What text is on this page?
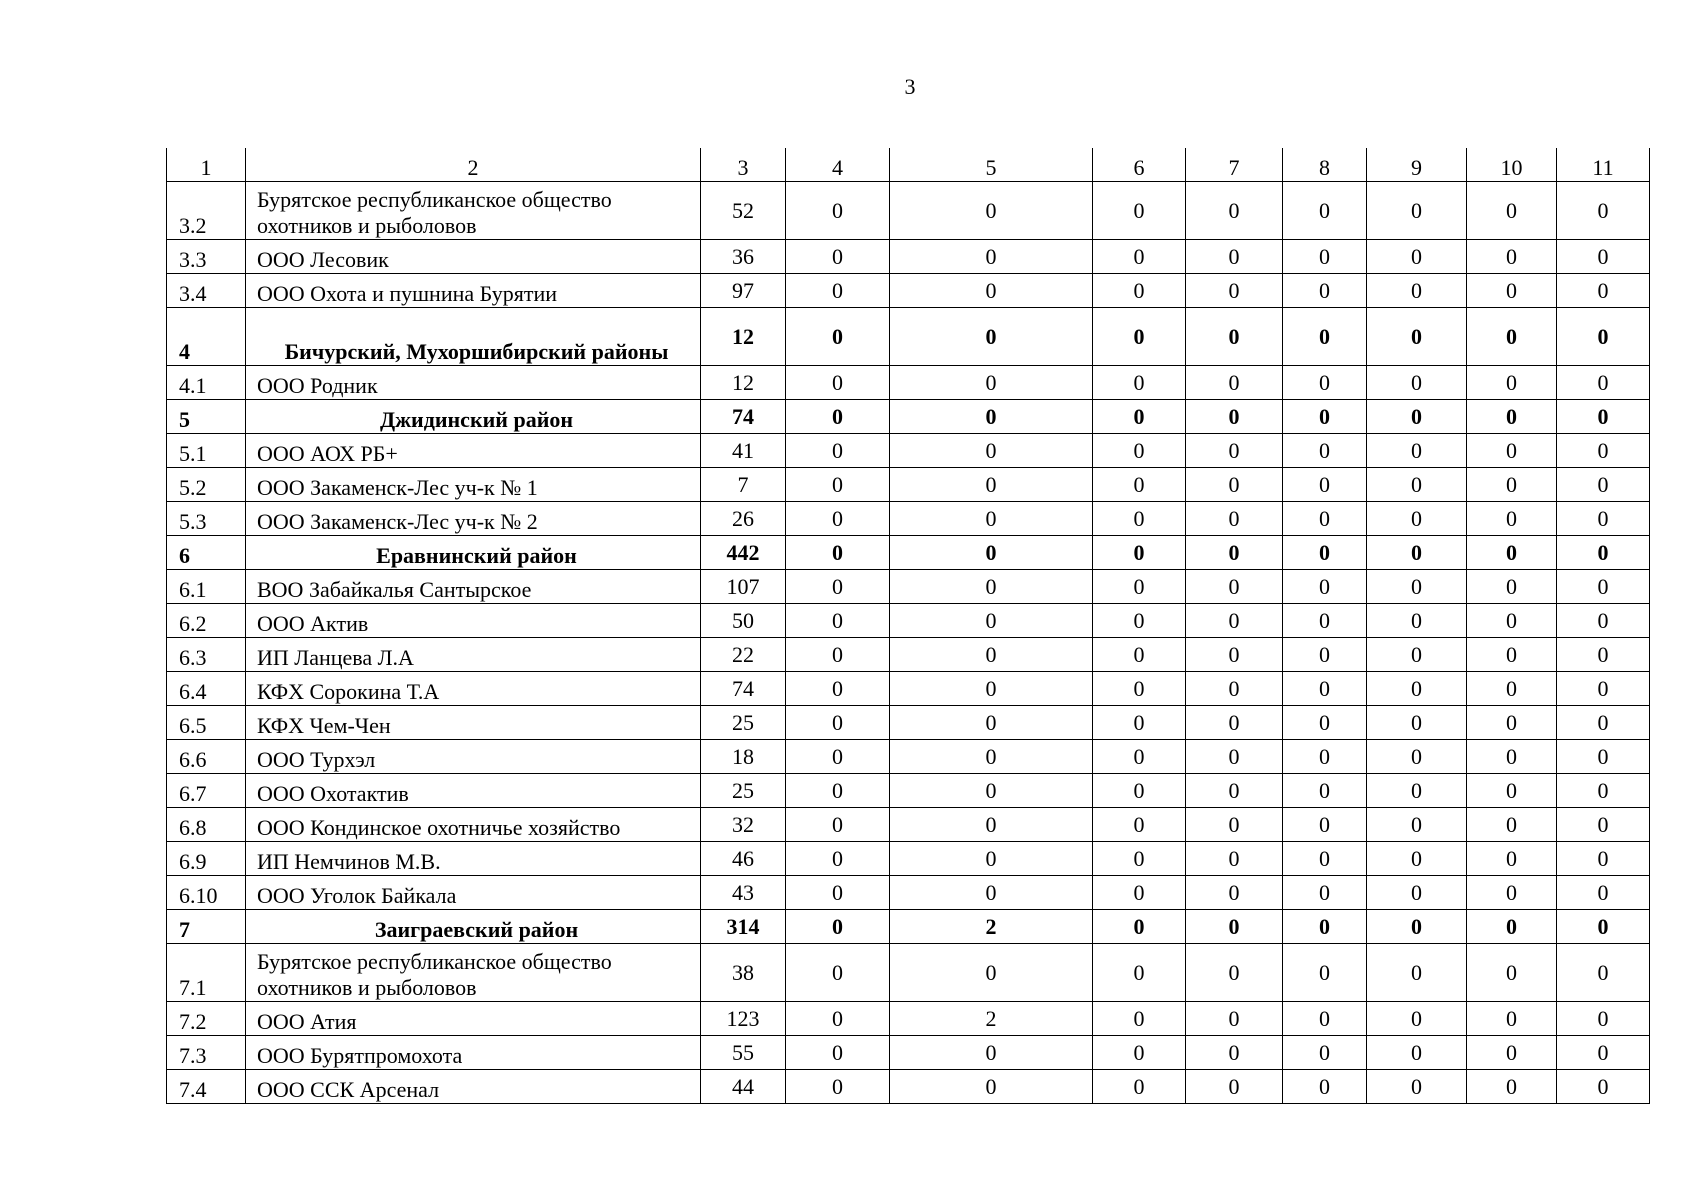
3
1	2	3	4	5	6	7	8	9	10	11
3.2	Бурятское республиканское общество охотников и рыболовов	52	0	0	0	0	0	0	0	0
3.3	ООО Лесовик	36	0	0	0	0	0	0	0	0
3.4	ООО Охота и пушнина Бурятии	97	0	0	0	0	0	0	0	0
4	Бичурский, Мухоршибирский районы	12	0	0	0	0	0	0	0	0
4.1	ООО Родник	12	0	0	0	0	0	0	0	0
5	Джидинский район	74	0	0	0	0	0	0	0	0
5.1	ООО АОХ РБ+	41	0	0	0	0	0	0	0	0
5.2	ООО Закаменск-Лес уч-к № 1	7	0	0	0	0	0	0	0	0
5.3	ООО Закаменск-Лес уч-к № 2	26	0	0	0	0	0	0	0	0
6	Еравнинский район	442	0	0	0	0	0	0	0	0
6.1	ВОО Забайкалья Сантырское	107	0	0	0	0	0	0	0	0
6.2	ООО Актив	50	0	0	0	0	0	0	0	0
6.3	ИП Ланцева Л.А	22	0	0	0	0	0	0	0	0
6.4	КФХ Сорокина Т.А	74	0	0	0	0	0	0	0	0
6.5	КФХ Чем-Чен	25	0	0	0	0	0	0	0	0
6.6	ООО Турхэл	18	0	0	0	0	0	0	0	0
6.7	ООО Охотактив	25	0	0	0	0	0	0	0	0
6.8	ООО Кондинское охотничье хозяйство	32	0	0	0	0	0	0	0	0
6.9	ИП Немчинов М.В.	46	0	0	0	0	0	0	0	0
6.10	ООО Уголок Байкала	43	0	0	0	0	0	0	0	0
7	Заиграевский район	314	0	2	0	0	0	0	0	0
7.1	Бурятское республиканское общество охотников и рыболовов	38	0	0	0	0	0	0	0	0
7.2	ООО Атия	123	0	2	0	0	0	0	0	0
7.3	ООО Бурятпромохота	55	0	0	0	0	0	0	0	0
7.4	ООО ССК Арсенал	44	0	0	0	0	0	0	0	0
